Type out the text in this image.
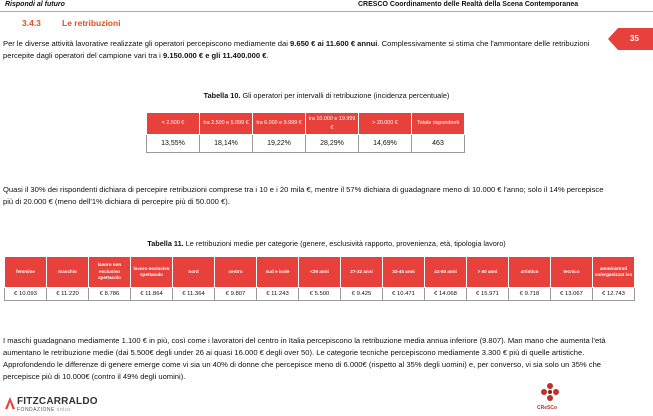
Rispondi al futuro	CRESCO Coordinamento delle Realtà della Scena Contemporanea
3.4.3 Le retribuzioni
35
Per le diverse attività lavorative realizzate gli operatori percepiscono mediamente dai 9.650 € ai 11.600 € annui. Complessivamente si stima che l'ammontare delle retribuzioni percepite dagli operatori del campione vari tra i 9.150.000 € e gli 11.400.000 €.
Tabella 10. Gli operatori per intervalli di retribuzione (incidenza percentuale)
< 2.500 €	tra 2.500 e 5.999 €	tra 6.000 e 9.999 €	tra 10.000 e 19.999 €	> 20.000 €	Totale rispondenti
13,55%	18,14%	19,22%	28,29%	14,69%	463
Quasi il 30% dei rispondenti dichiara di percepire retribuzioni comprese tra i 10 e i 20 mila €, mentre il 57% dichiara di guadagnare meno di 10.000 € l'anno; solo il 14% percepisce più di 20.000 € (meno dell'1% dichiara di percepire più di 50.000 €).
Tabella 11. Le retribuzioni medie per categorie (genere, esclusività rapporto, provenienza, età, tipologia lavoro)
femmine	maschio	lavoro non esclusivo spettacolo	lavoro esclusivo spettacolo	nord	centro	sud e isole	<26 anni	27-32 anni	33-40 anni	41-50 anni	> 50 anni	artistico	tecnico	amministrati vo/organizzat ivo
€ 10.093	€ 11.220	€ 8.786	€ 11.864	€ 11.364	€ 9.807	€ 11.243	€ 5.500	€ 9.425	€ 10.471	€ 14.068	€ 15.971	€ 9.718	€ 13.067	€ 12.743
I maschi guadagnano mediamente 1.100 € in più, così come i lavoratori del centro in Italia percepiscono la retribuzione media annua inferiore (9.807). Man mano che aumenta l'età aumentano le retribuzione medie (dai 5.500€ degli under 26 ai quasi 16.000 € degli over 50). Le categorie tecniche percepiscono mediamente 3.300 € più di quelle artistiche. Approfondendo le differenze di genere emerge come vi sia un 40% di donne che percepisce meno di 6.000€ (rispetto al 35% degli uomini) e, per converso, vi sia solo un 35% che percepisce più di 10.000€ (contro il 49% degli uomini).
FITZCARRALDO
FONDAZIONE onlus	CReSCo
